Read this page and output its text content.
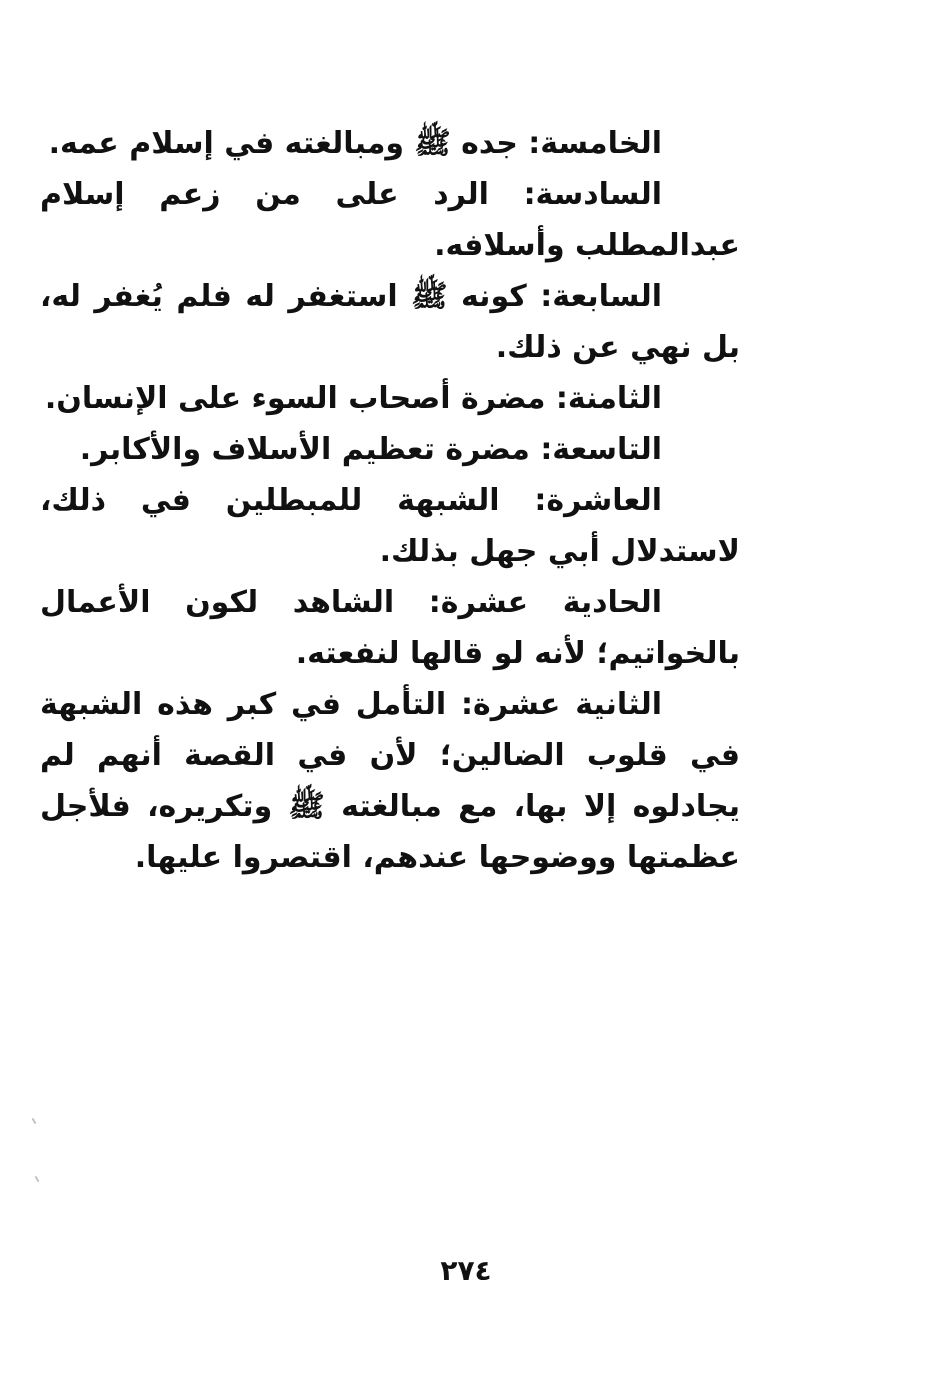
الخامسة: جده ﷺ ومبالغته في إسلام عمه.

السادسة: الرد على من زعم إسلام عبدالمطلب وأسلافه.

السابعة: كونه ﷺ استغفر له فلم يُغفر له، بل نهي عن ذلك.

الثامنة: مضرة أصحاب السوء على الإنسان.

التاسعة: مضرة تعظيم الأسلاف والأكابر.

العاشرة: الشبهة للمبطلين في ذلك، لاستدلال أبي جهل بذلك.

الحادية عشرة: الشاهد لكون الأعمال بالخواتيم؛ لأنه لو قالها لنفعته.

الثانية عشرة: التأمل في كبر هذه الشبهة في قلوب الضالين؛ لأن في القصة أنهم لم يجادلوه إلا بها، مع مبالغته ﷺ وتكريره، فلأجل عظمتها ووضوحها عندهم، اقتصروا عليها.

٢٧٤
